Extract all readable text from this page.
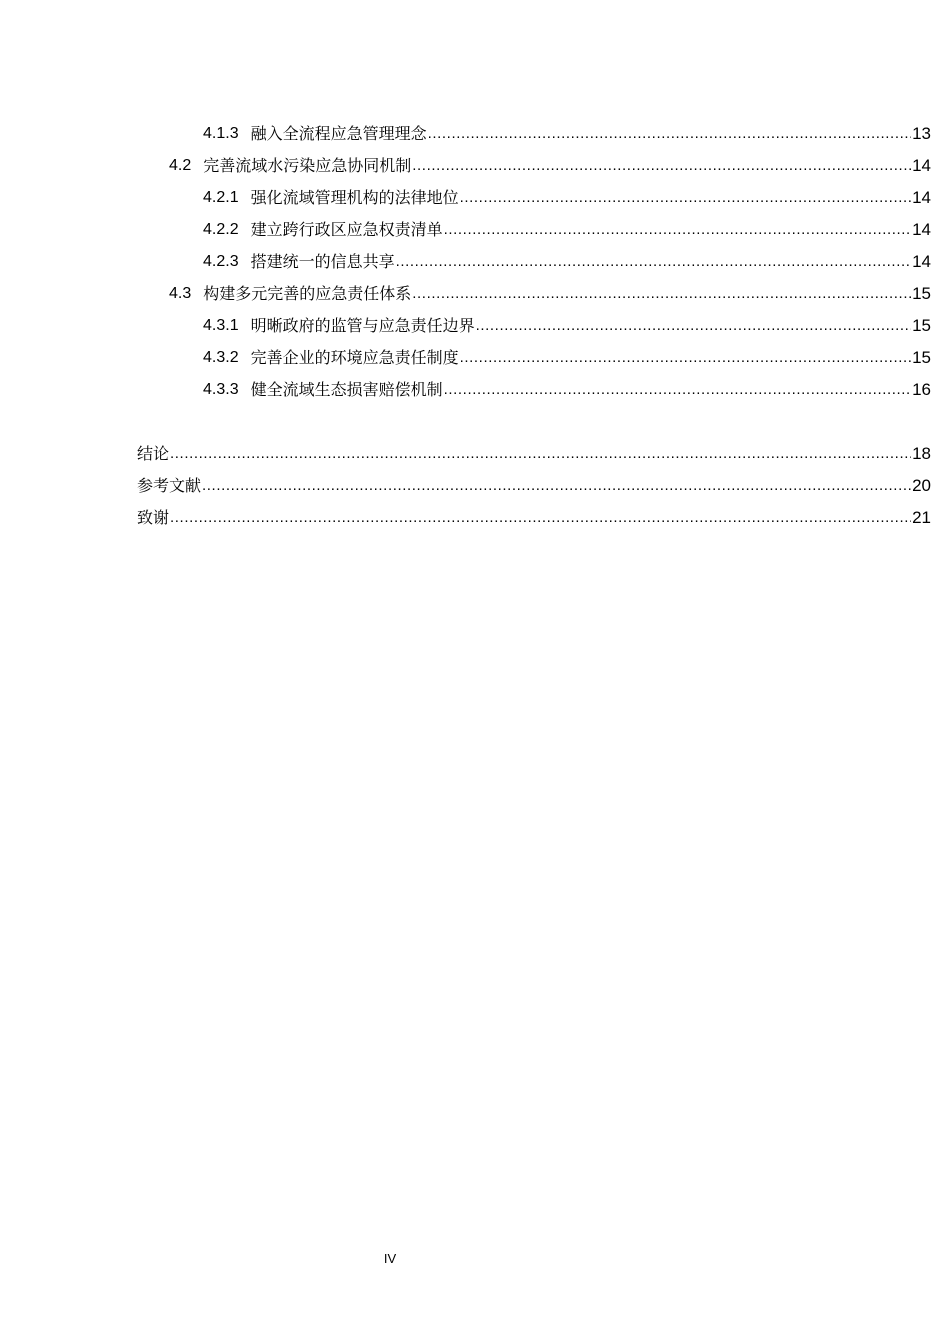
4.1.3 融入全流程应急管理理念 .....	13
4.2 完善流域水污染应急协同机制 .....	14
4.2.1 强化流域管理机构的法律地位 .....	14
4.2.2 建立跨行政区应急权责清单 .....	14
4.2.3 搭建统一的信息共享 .....	14
4.3 构建多元完善的应急责任体系 .....	15
4.3.1 明晰政府的监管与应急责任边界 .....	15
4.3.2 完善企业的环境应急责任制度 .....	15
4.3.3 健全流域生态损害赔偿机制 .....	16
结论 .....	18
参考文献 .....	20
致谢 .....	21
IV
